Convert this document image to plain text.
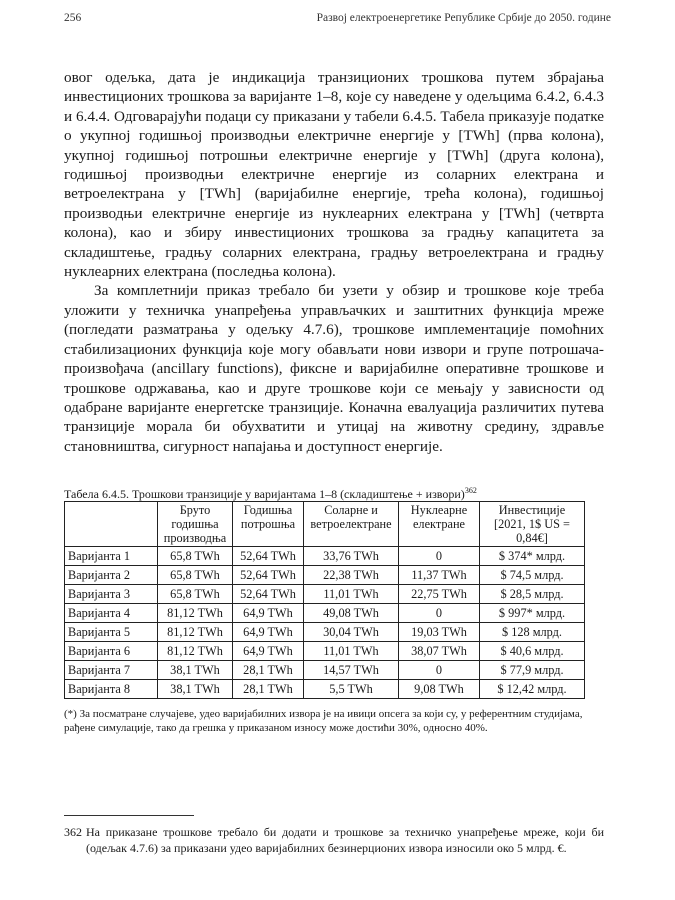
256	Развој електроенергетике Републике Србије до 2050. године

овог одељка, дата је индикација транзиционих трошкова путем збрајања инвестиционих трошкова за варијанте 1–8, које су наведене у одељцима 6.4.2, 6.4.3 и 6.4.4. Одговарајући подаци су приказани у табели 6.4.5. Табела приказује податке о укупној годишњој производњи електричне енергије у [TWh] (прва колона), укупној годишњој потрошњи електричне енергије у [TWh] (друга колона), годишњој производњи електричне енергије из соларних електрана и ветроелектрана у [TWh] (варијабилне енергије, трећа колона), годишњој производњи електричне енергије из нуклеарних електрана у [TWh] (четврта колона), као и збиру инвестиционих трошкова за градњу капацитета за складиштење, градњу соларних електрана, градњу ветроелектрана и градњу нуклеарних електрана (последња колона).

За комплетнији приказ требало би узети у обзир и трошкове које треба уложити у техничка унапређења управљачких и заштитних функција мреже (погледати разматрања у одељку 4.7.6), трошкове имплементације помоћних стабилизационих функција које могу обављати нови извори и групе потрошача-произвођача (ancillary functions), фиксне и варијабилне оперативне трошкове и трошкове одржавања, као и друге трошкове који се мењају у зависности од одабране варијанте енергетске транзиције. Коначна евалуација различитих путева транзиције морала би обухватити и утицај на животну средину, здравље становништва, сигурност напајања и доступност енергије.

Табела 6.4.5. Трошкови транзиције у варијантама 1–8 (складиштење + извори)$^{362}$
	Бруто годишња производња	Годишња потрошња	Соларне и ветроелектране	Нуклеарне електране	Инвестиције [2021, 1$ US = 0,84€]
Варијанта 1	65,8 TWh	52,64 TWh	33,76 TWh	0	$ 374* млрд.
Варијанта 2	65,8 TWh	52,64 TWh	22,38 TWh	11,37 TWh	$ 74,5 млрд.
Варијанта 3	65,8 TWh	52,64 TWh	11,01 TWh	22,75 TWh	$ 28,5 млрд.
Варијанта 4	81,12 TWh	64,9 TWh	49,08 TWh	0	$ 997* млрд.
Варијанта 5	81,12 TWh	64,9 TWh	30,04 TWh	19,03 TWh	$ 128 млрд.
Варијанта 6	81,12 TWh	64,9 TWh	11,01 TWh	38,07 TWh	$ 40,6 млрд.
Варијанта 7	38,1 TWh	28,1 TWh	14,57 TWh	0	$ 77,9 млрд.
Варијанта 8	38,1 TWh	28,1 TWh	5,5 TWh	9,08 TWh	$ 12,42 млрд.
(*) За посматране случајеве, удео варијабилних извора је на ивици опсега за који су, у референтним студијама, рађене симулације, тако да грешка у приказаном износу може достићи 30%, односно 40%.
362 На приказане трошкове требало би додати и трошкове за техничко унапређење мреже, који би (одељак 4.7.6) за приказани удео варијабилних безинерционих извора износили око 5 млрд. €.
